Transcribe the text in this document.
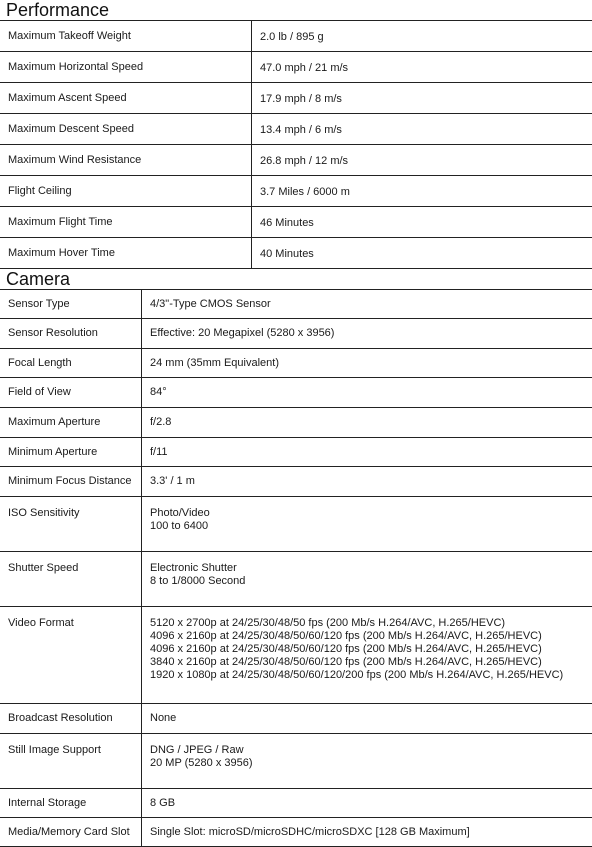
Performance
Maximum Takeoff Weight	2.0 lb / 895 g
Maximum Horizontal Speed	47.0 mph / 21 m/s
Maximum Ascent Speed	17.9 mph / 8 m/s
Maximum Descent Speed	13.4 mph / 6 m/s
Maximum Wind Resistance	26.8 mph / 12 m/s
Flight Ceiling	3.7 Miles / 6000 m
Maximum Flight Time	46 Minutes
Maximum Hover Time	40 Minutes
Camera
Sensor Type	4/3"-Type CMOS Sensor

Sensor Resolution	Effective: 20 Megapixel (5280 x 3956)

Focal Length	24 mm (35mm Equivalent)

Field of View	84°

Maximum Aperture	f/2.8

Minimum Aperture	f/11

Minimum Focus Distance	3.3' / 1 m

ISO Sensitivity	Photo/Video
100 to 6400

Shutter Speed	Electronic Shutter
8 to 1/8000 Second

Video Format	5120 x 2700p at 24/25/30/48/50 fps (200 Mb/s H.264/AVC, H.265/HEVC)
4096 x 2160p at 24/25/30/48/50/60/120 fps (200 Mb/s H.264/AVC, H.265/HEVC)
4096 x 2160p at 24/25/30/48/50/60/120 fps (200 Mb/s H.264/AVC, H.265/HEVC)
3840 x 2160p at 24/25/30/48/50/60/120 fps (200 Mb/s H.264/AVC, H.265/HEVC)
1920 x 1080p at 24/25/30/48/50/60/120/200 fps (200 Mb/s H.264/AVC, H.265/HEVC)

Broadcast Resolution	None

Still Image Support	DNG / JPEG / Raw
20 MP (5280 x 3956)

Internal Storage	8 GB

Media/Memory Card Slot	Single Slot: microSD/microSDHC/microSDXC [128 GB Maximum]
